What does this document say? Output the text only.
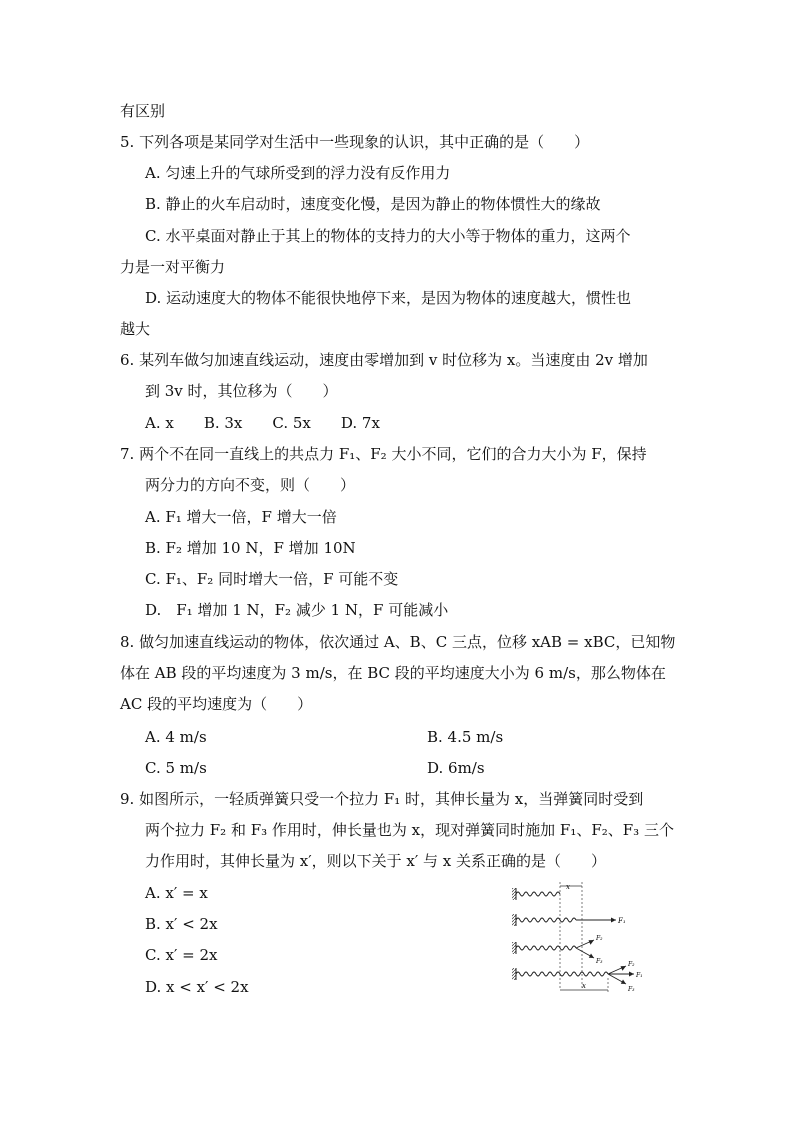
有区别
5. 下列各项是某同学对生活中一些现象的认识，其中正确的是（　　）
A. 匀速上升的气球所受到的浮力没有反作用力
B. 静止的火车启动时，速度变化慢，是因为静止的物体惯性大的缘故
C. 水平桌面对静止于其上的物体的支持力的大小等于物体的重力，这两个
力是一对平衡力
D. 运动速度大的物体不能很快地停下来，是因为物体的速度越大，惯性也
越大
6. 某列车做匀加速直线运动，速度由零增加到 v 时位移为 x。当速度由 2v 增加
到 3v 时，其位移为（　　）
A. x　　B. 3x　　C. 5x　　D. 7x
7. 两个不在同一直线上的共点力 F₁、F₂ 大小不同，它们的合力大小为 F，保持
两分力的方向不变，则（　　）
A. F₁ 增大一倍，F 增大一倍
B. F₂ 增加 10 N，F 增加 10N
C. F₁、F₂ 同时增大一倍，F 可能不变
D.　F₁ 增加 1 N，F₂ 减少 1 N，F 可能减小
8. 做匀加速直线运动的物体，依次通过 A、B、C 三点，位移 xAB = xBC，已知物
体在 AB 段的平均速度为 3 m/s，在 BC 段的平均速度大小为 6 m/s，那么物体在
AC 段的平均速度为（　　）
A. 4 m/s	B. 4.5 m/s
C. 5 m/s	D. 6m/s
9. 如图所示，一轻质弹簧只受一个拉力 F₁ 时，其伸长量为 x，当弹簧同时受到
两个拉力 F₂ 和 F₃ 作用时，伸长量也为 x，现对弹簧同时施加 F₁、F₂、F₃ 三个
力作用时，其伸长量为 x′，则以下关于 x′ 与 x 关系正确的是（　　）
A. x′ = x
B. x′ < 2x
C. x′ = 2x
D. x < x′ < 2x
x
F₁
F₂
F₃	F₂
F₁
F₃
x
